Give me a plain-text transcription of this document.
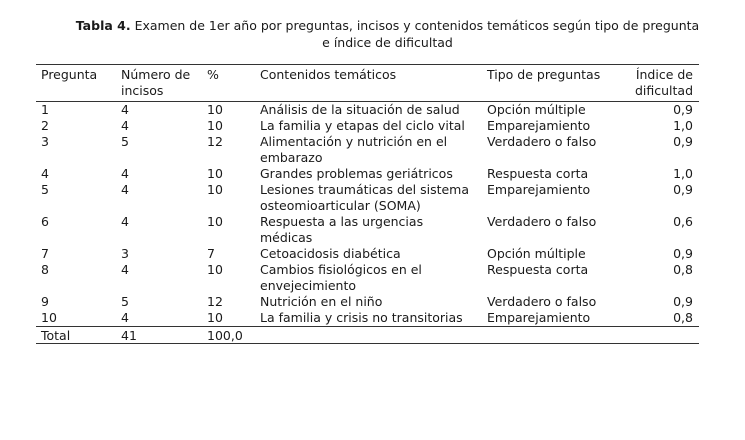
Tabla 4. Examen de 1er año por preguntas, incisos y contenidos temáticos según tipo de pregunta e índice de dificultad
Pregunta	Número de incisos	%	Contenidos temáticos	Tipo de preguntas	Índice de dificultad
1	4	10	Análisis de la situación de salud	Opción múltiple	0,9
2	4	10	La familia y etapas del ciclo vital	Emparejamiento	1,0
3	5	12	Alimentación y nutrición en el embarazo	Verdadero o falso	0,9
4	4	10	Grandes problemas geriátricos	Respuesta corta	1,0
5	4	10	Lesiones traumáticas del sistema osteomioarticular (SOMA)	Emparejamiento	0,9
6	4	10	Respuesta a las urgencias médicas	Verdadero o falso	0,6
7	3	7	Cetoacidosis diabética	Opción múltiple	0,9
8	4	10	Cambios fisiológicos en el envejecimiento	Respuesta corta	0,8
9	5	12	Nutrición en el niño	Verdadero o falso	0,9
10	4	10	La familia y crisis no transitorias	Emparejamiento	0,8
Total	41	100,0			
